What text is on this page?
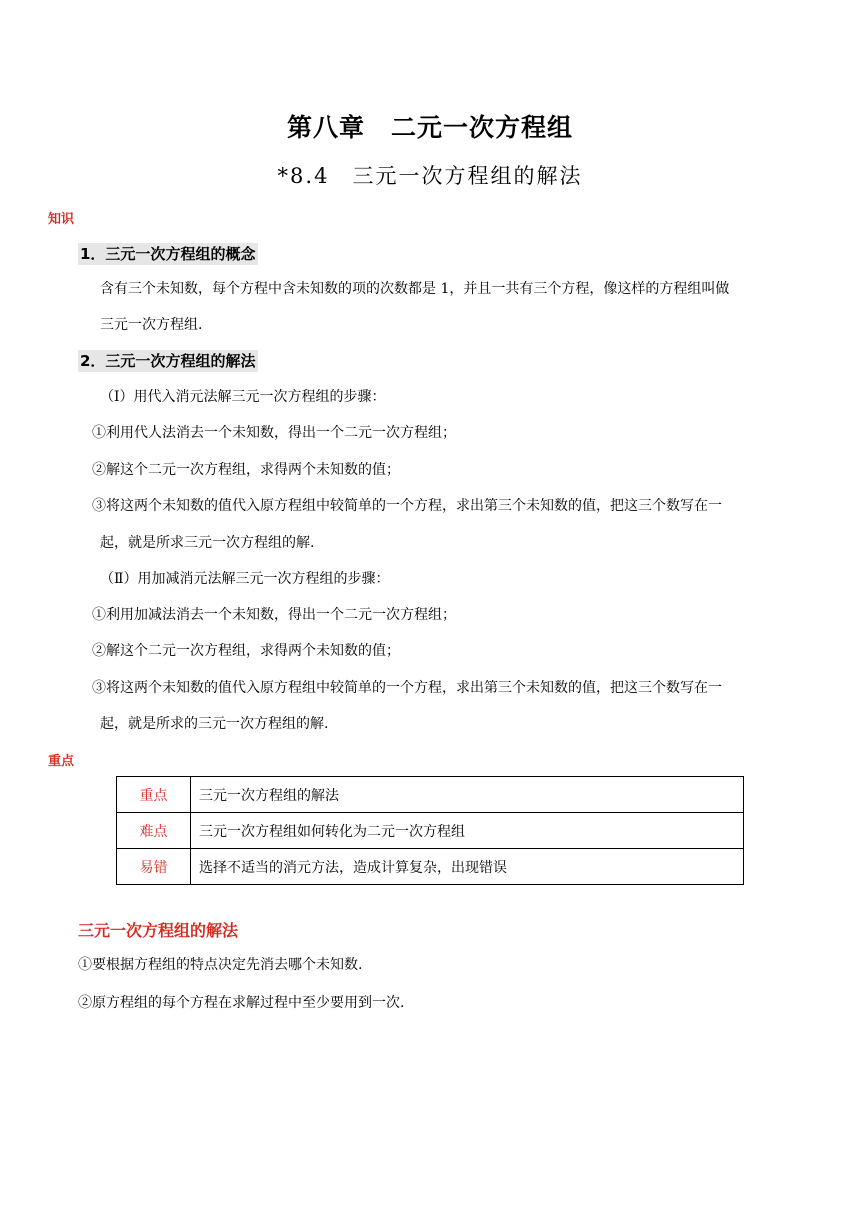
第八章　二元一次方程组
*8.4　三元一次方程组的解法
知识
1．三元一次方程组的概念
含有三个未知数，每个方程中含未知数的项的次数都是 1，并且一共有三个方程，像这样的方程组叫做
三元一次方程组.
2．三元一次方程组的解法
（Ⅰ）用代入消元法解三元一次方程组的步骤：
①利用代人法消去一个未知数，得出一个二元一次方程组；
②解这个二元一次方程组，求得两个未知数的值；
③将这两个未知数的值代入原方程组中较简单的一个方程，求出第三个未知数的值，把这三个数写在一
起，就是所求三元一次方程组的解.
（Ⅱ）用加减消元法解三元一次方程组的步骤：
①利用加减法消去一个未知数，得出一个二元一次方程组；
②解这个二元一次方程组，求得两个未知数的值；
③将这两个未知数的值代入原方程组中较简单的一个方程，求出第三个未知数的值，把这三个数写在一
起，就是所求的三元一次方程组的解.
重点
重点	三元一次方程组的解法
难点	三元一次方程组如何转化为二元一次方程组
易错	选择不适当的消元方法，造成计算复杂，出现错误
三元一次方程组的解法
①要根据方程组的特点决定先消去哪个未知数.
②原方程组的每个方程在求解过程中至少要用到一次.
